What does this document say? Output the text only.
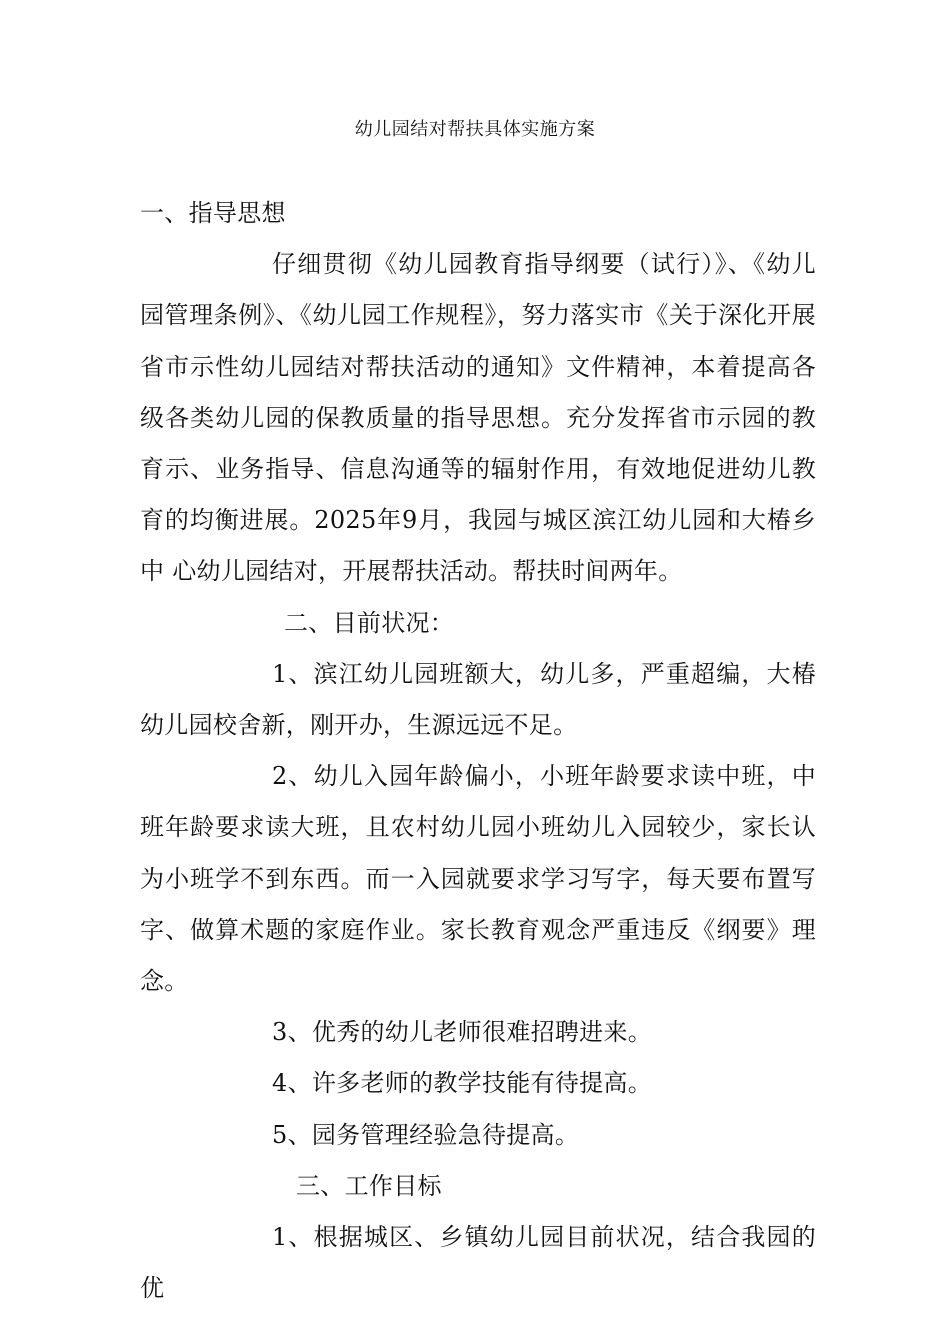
幼儿园结对帮扶具体实施方案

一、指导思想

仔细贯彻《幼儿园教育指导纲要（试行）》、《幼儿园管理条例》、《幼儿园工作规程》，努力落实市《关于深化开展省市示性幼儿园结对帮扶活动的通知》文件精神，本着提高各级各类幼儿园的保教质量的指导思想。充分发挥省市示园的教育示、业务指导、信息沟通等的辐射作用，有效地促进幼儿教育的均衡进展。2025年9月，我园与城区滨江幼儿园和大椿乡中 心幼儿园结对，开展帮扶活动。帮扶时间两年。

二、目前状况：

1、滨江幼儿园班额大，幼儿多，严重超编，大椿幼儿园校舍新，刚开办，生源远远不足。

2、幼儿入园年龄偏小，小班年龄要求读中班，中班年龄要求读大班，且农村幼儿园小班幼儿入园较少，家长认为小班学不到东西。而一入园就要求学习写字，每天要布置写字、做算术题的家庭作业。家长教育观念严重违反《纲要》理念。

3、优秀的幼儿老师很难招聘进来。

4、许多老师的教学技能有待提高。

5、园务管理经验急待提高。

三、工作目标

1、根据城区、乡镇幼儿园目前状况，结合我园的优
